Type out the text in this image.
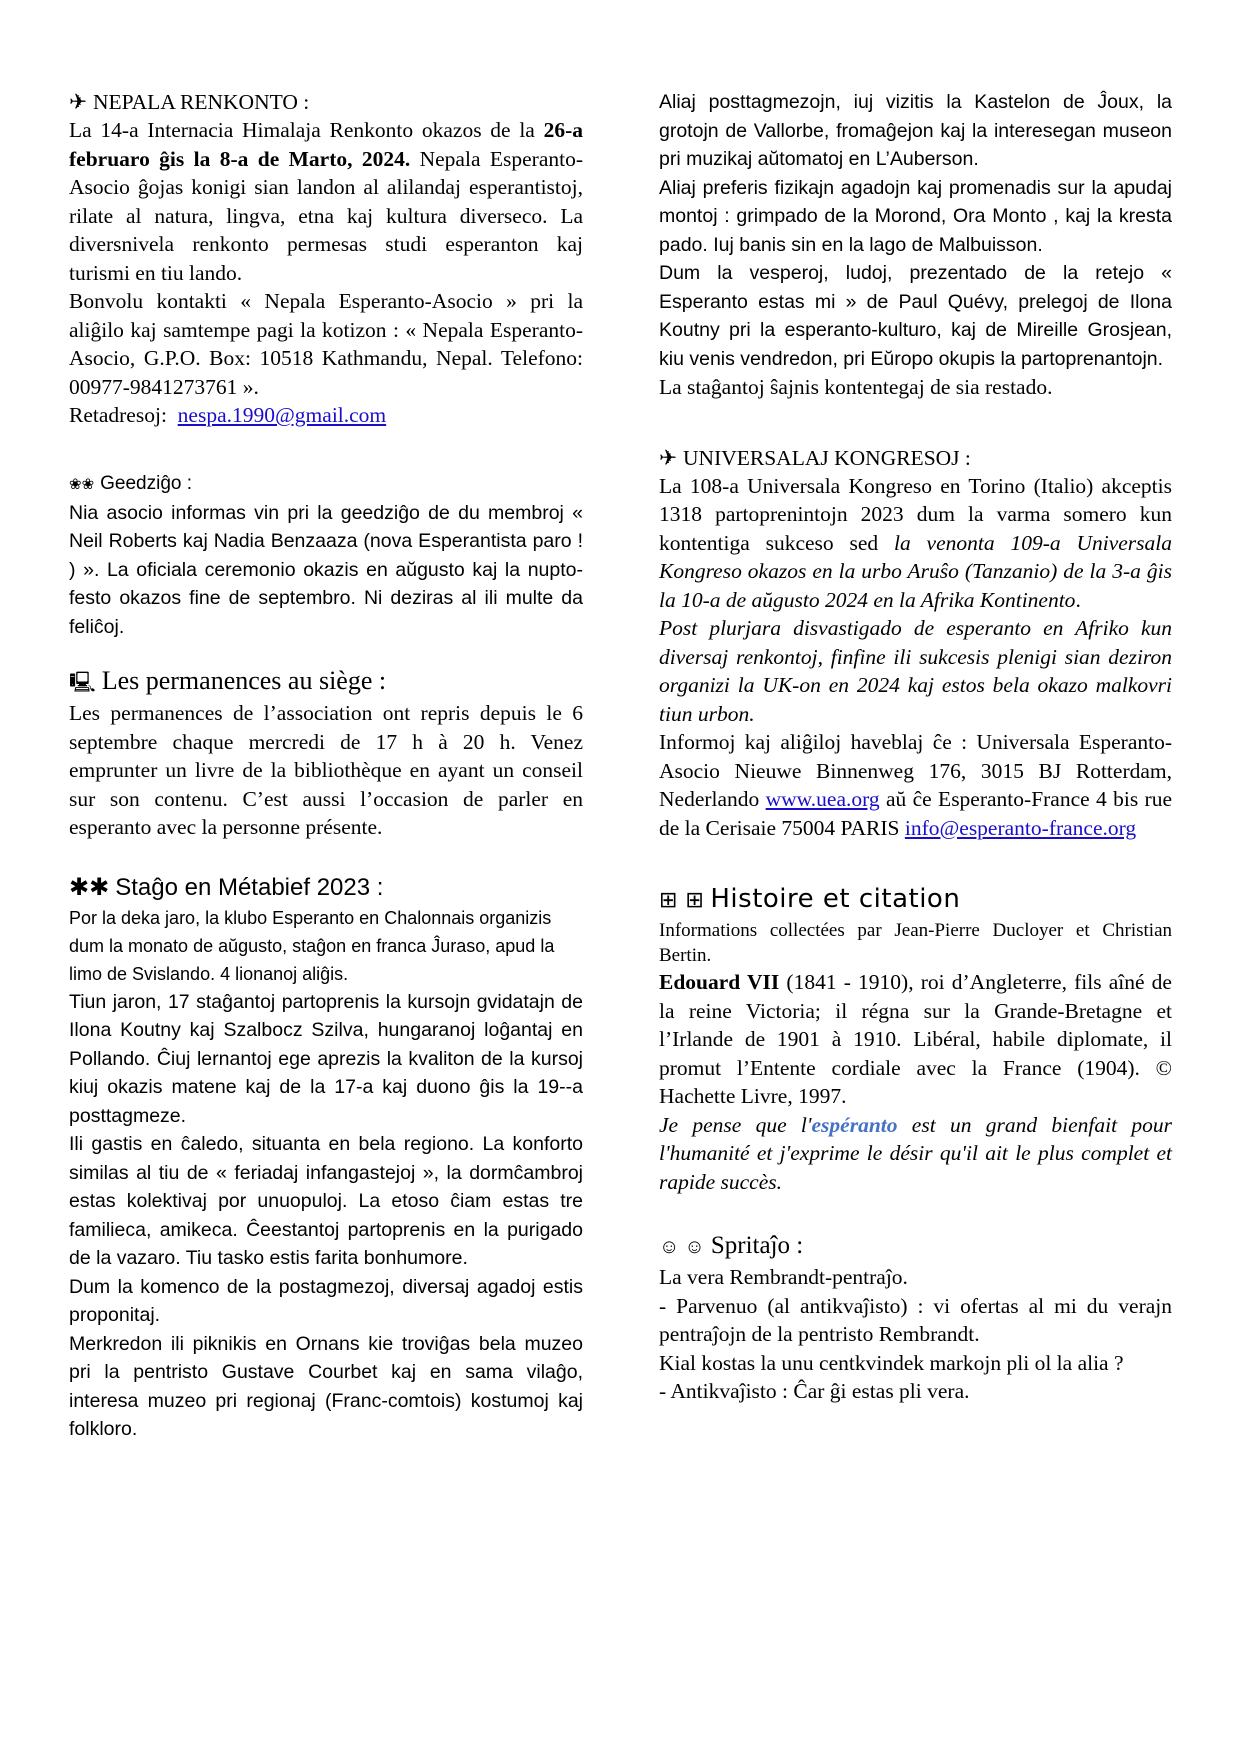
✈ NEPALA RENKONTO :

La 14-a Internacia Himalaja Renkonto okazos de la 26-a februaro ĝis la 8-a de Marto, 2024. Nepala Esperanto-Asocio ĝojas konigi sian landon al alilandaj esperantistoj, rilate al natura, lingva, etna kaj kultura diverseco. La diversnivela renkonto permesas studi esperanton kaj turismi en tiu lando.

Bonvolu kontakti « Nepala Esperanto-Asocio » pri la aliĝilo kaj samtempe pagi la kotizon : « Nepala Esperanto-Asocio, G.P.O. Box: 10518 Kathmandu, Nepal. Telefono: 00977-9841273761 ».

Retadresoj:  nespa.1990@gmail.com

❀❀ Geedziĝo :

Nia asocio informas vin pri la geedziĝo de du membroj « Neil Roberts kaj Nadia Benzaaza (nova Esperantista paro ! ) ». La oficiala ceremonio okazis en aŭgusto kaj la nupto-festo okazos fine de septembro. Ni deziras al ili multe da feliĉoj.

🖳 Les permanences au siège :

Les permanences de l’association ont repris depuis le 6 septembre chaque mercredi de 17 h à 20 h. Venez emprunter un livre de la bibliothèque en ayant un conseil sur son contenu. C’est aussi l’occasion de parler en esperanto avec la personne présente.

✱✱ Staĝo en Métabief 2023 :

Por la deka jaro, la klubo Esperanto en Chalonnais organizis dum la monato de aŭgusto, staĝon en franca Ĵuraso, apud la limo de Svislando. 4 lionanoj aliĝis.

Tiun jaron, 17 staĝantoj partoprenis la kursojn gvidatajn de Ilona Koutny kaj Szalbocz Szilva, hungaranoj loĝantaj en Pollando. Ĉiuj lernantoj ege aprezis la kvaliton de la kursoj kiuj okazis matene kaj de la 17-a kaj duono ĝis la 19--a posttagmeze.

Ili gastis en ĉaledo, situanta en bela regiono. La konforto similas al tiu de « feriadaj infangastejoj », la dormĉambroj estas kolektivaj por unuopuloj. La etoso ĉiam estas tre familieca, amikeca. Ĉeestantoj partoprenis en la purigado de la vazaro. Tiu tasko estis farita bonhumore.

Dum la komenco de la postagmezoj, diversaj agadoj estis proponitaj.

Merkredon ili piknikis en Ornans kie troviĝas bela muzeo pri la pentristo Gustave Courbet kaj en sama vilaĝo, interesa muzeo pri regionaj (Franc-comtois) kostumoj kaj folkloro.

Aliaj posttagmezojn, iuj vizitis la Kastelon de Ĵoux, la grotojn de Vallorbe, fromaĝejon kaj la interesegan museon pri muzikaj aŭtomatoj en L’Auberson.

Aliaj preferis fizikajn agadojn kaj promenadis sur la apudaj montoj : grimpado de la Morond, Ora Monto , kaj la kresta pado. Iuj banis sin en la lago de Malbuisson.

Dum la vesperoj, ludoj, prezentado de la retejo « Esperanto estas mi » de Paul Quévy, prelegoj de Ilona Koutny pri la esperanto-kulturo, kaj de Mireille Grosjean, kiu venis vendredon, pri Eŭropo okupis la partoprenantojn.

La staĝantoj ŝajnis kontentegaj de sia restado.

✈ UNIVERSALAJ KONGRESOJ :

La 108-a Universala Kongreso en Torino (Italio) akceptis 1318 partoprenintojn 2023 dum la varma somero kun kontentiga sukceso sed la venonta 109-a Universala Kongreso okazos en la urbo Aruŝo (Tanzanio) de la 3-a ĝis la 10-a de aŭgusto 2024 en la Afrika Kontinento.

Post plurjara disvastigado de esperanto en Afriko kun diversaj renkontoj, finfine ili sukcesis plenigi sian deziron organizi la UK-on en 2024 kaj estos bela okazo malkovri tiun urbon.

Informoj kaj aliĝiloj haveblaj ĉe : Universala Esperanto-Asocio Nieuwe Binnenweg 176, 3015 BJ Rotterdam, Nederlando www.uea.org aŭ ĉe Esperanto-France 4 bis rue de la Cerisaie 75004 PARIS info@esperanto-france.org

⊞ ⊞ Histoire et citation

Informations collectées par Jean-Pierre Ducloyer et Christian Bertin.

Edouard VII (1841 - 1910), roi d’Angleterre, fils aîné de la reine Victoria; il régna sur la Grande-Bretagne et l’Irlande de 1901 à 1910. Libéral, habile diplomate, il promut l’Entente cordiale avec la France (1904). © Hachette Livre, 1997.

Je pense que l'espéranto est un grand bienfait pour l'humanité et j'exprime le désir qu'il ait le plus complet et rapide succès.

☺ ☺ Spritaĵo :

La vera Rembrandt-pentraĵo.

- Parvenuo (al antikvaĵisto) : vi ofertas al mi du verajn pentraĵojn de la pentristo Rembrandt.

Kial kostas la unu centkvindek markojn pli ol la alia ?

- Antikvaĵisto : Ĉar ĝi estas pli vera.
